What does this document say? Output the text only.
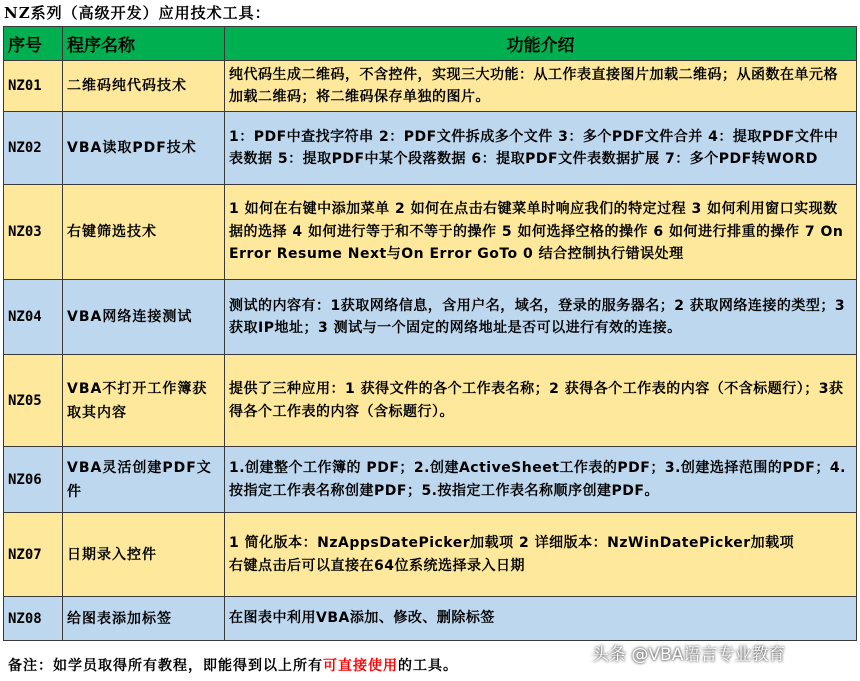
NZ系列（高级开发）应用技术工具：
序号	程序名称	功能介绍
NZ01	二维码纯代码技术	纯代码生成二维码，不含控件，实现三大功能：从工作表直接图片加载二维码；从函数在单元格加载二维码；将二维码保存单独的图片。
NZ02	VBA读取PDF技术	1：PDF中查找字符串 2：PDF文件拆成多个文件 3：多个PDF文件合并 4：提取PDF文件中表数据 5：提取PDF中某个段落数据 6：提取PDF文件表数据扩展 7：多个PDF转WORD
NZ03	右键筛选技术	1 如何在右键中添加菜单 2 如何在点击右键菜单时响应我们的特定过程 3 如何利用窗口实现数据的选择 4 如何进行等于和不等于的操作 5 如何选择空格的操作 6 如何进行排重的操作 7 On Error Resume Next与On Error GoTo 0 结合控制执行错误处理
NZ04	VBA网络连接测试	测试的内容有：1获取网络信息，含用户名，域名，登录的服务器名；2 获取网络连接的类型；3 获取IP地址；3 测试与一个固定的网络地址是否可以进行有效的连接。
NZ05	VBA不打开工作簿获取其内容	提供了三种应用：1 获得文件的各个工作表名称；2 获得各个工作表的内容（不含标题行）；3获得各个工作表的内容（含标题行）。
NZ06	VBA灵活创建PDF文件	1.创建整个工作簿的 PDF；2.创建ActiveSheet工作表的PDF；3.创建选择范围的PDF；4.按指定工作表名称创建PDF；5.按指定工作表名称顺序创建PDF。
NZ07	日期录入控件	1 简化版本：NzAppsDatePicker加载项 2 详细版本：NzWinDatePicker加载项
右键点击后可以直接在64位系统选择录入日期

NZ08	给图表添加标签	在图表中利用VBA添加、修改、删除标签
备注：如学员取得所有教程，即能得到以上所有可直接使用的工具。
头条 @VBA语言专业教育
